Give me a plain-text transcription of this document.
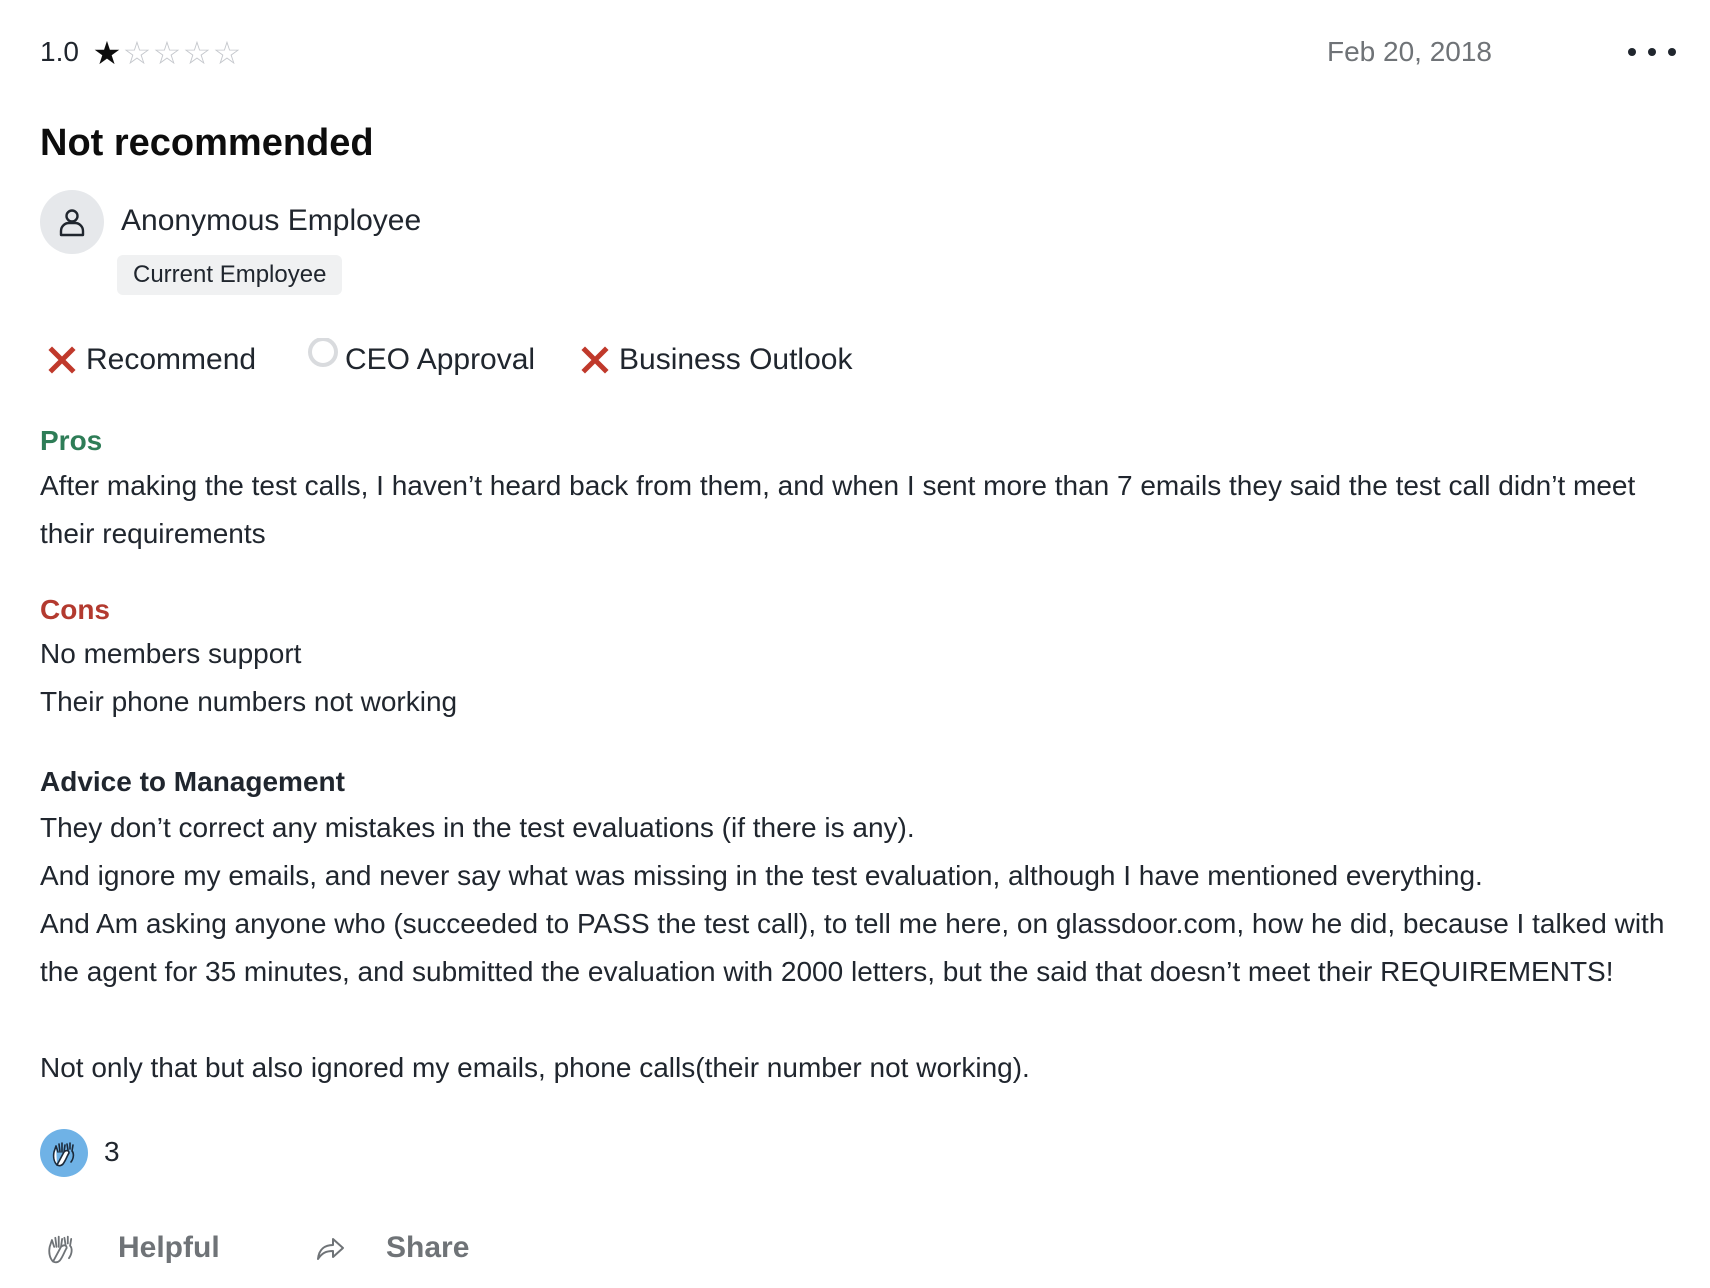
1.0 ★ ☆ ☆ ☆ ☆	Feb 20, 2018
Not recommended
Anonymous Employee
Current Employee
Recommend	CEO Approval	Business Outlook
Pros

After making the test calls, I haven’t heard back from them, and when I sent more than 7 emails they said the test call didn’t meet their requirements

Cons

No members support

Their phone numbers not working

Advice to Management

They don’t correct any mistakes in the test evaluations (if there is any).

And ignore my emails, and never say what was missing in the test evaluation, although I have mentioned everything.

And Am asking anyone who (succeeded to PASS the test call), to tell me here, on glassdoor.com, how he did, because I talked with the agent for 35 minutes, and submitted the evaluation with 2000 letters, but the said that doesn’t meet their REQUIREMENTS!

Not only that but also ignored my emails, phone calls(their number not working).

3
Helpful	Share
